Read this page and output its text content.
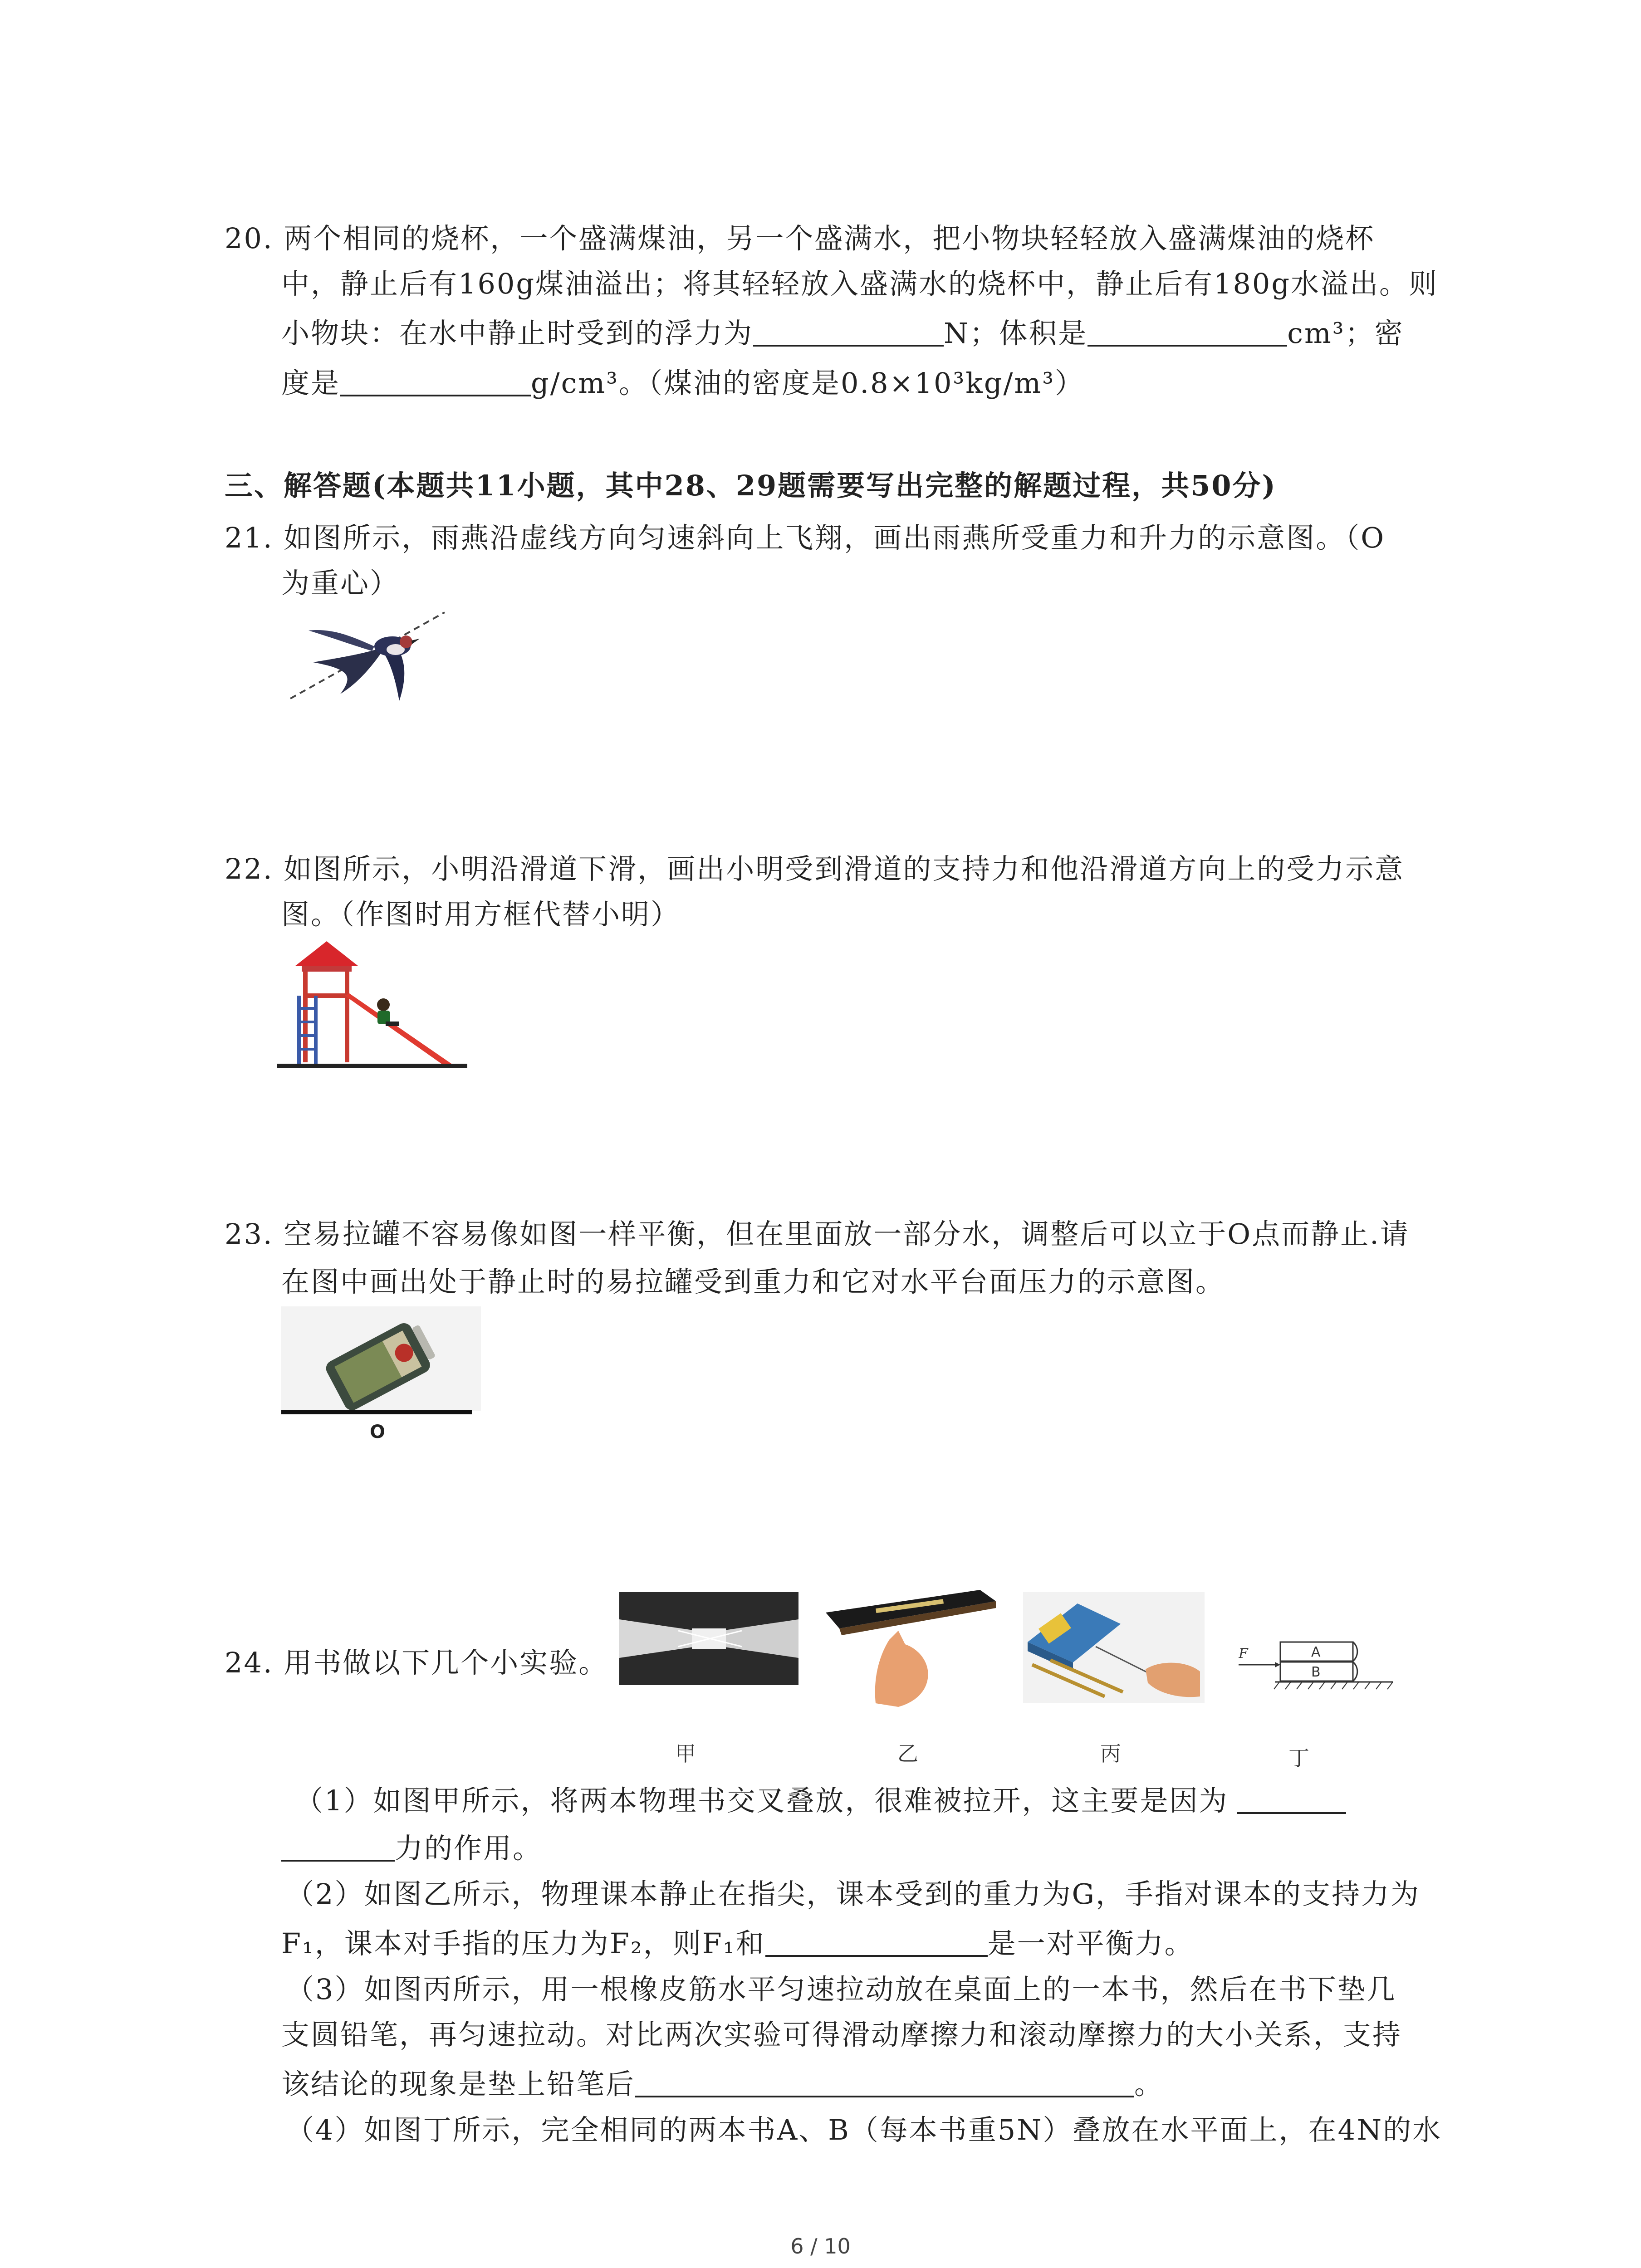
20. 两个相同的烧杯，一个盛满煤油，另一个盛满水，把小物块轻轻放入盛满煤油的烧杯
中，静止后有160g煤油溢出；将其轻轻放入盛满水的烧杯中，静止后有180g水溢出。则
小物块：在水中静止时受到的浮力为	N；体积是	cm³；密
度是	g/cm³。（煤油的密度是0.8×10³kg/m³）
三、解答题(本题共11小题，其中28、29题需要写出完整的解题过程，共50分)
21. 如图所示，雨燕沿虚线方向匀速斜向上飞翔，画出雨燕所受重力和升力的示意图。（O
为重心）
22. 如图所示，小明沿滑道下滑，画出小明受到滑道的支持力和他沿滑道方向上的受力示意
图。（作图时用方框代替小明）
23. 空易拉罐不容易像如图一样平衡，但在里面放一部分水，调整后可以立于O点而静止.请
在图中画出处于静止时的易拉罐受到重力和它对水平台面压力的示意图。
O
24. 用书做以下几个小实验。	F	A
B
甲	乙	丙	丁
（1）如图甲所示，将两本物理书交叉叠放，很难被拉开，这主要是因为
力的作用。
（2）如图乙所示，物理课本静止在指尖，课本受到的重力为G，手指对课本的支持力为
F₁，课本对手指的压力为F₂，则F₁和	是一对平衡力。
（3）如图丙所示，用一根橡皮筋水平匀速拉动放在桌面上的一本书，然后在书下垫几
支圆铅笔，再匀速拉动。对比两次实验可得滑动摩擦力和滚动摩擦力的大小关系，支持
该结论的现象是垫上铅笔后	。
（4）如图丁所示，完全相同的两本书A、B（每本书重5N）叠放在水平面上，在4N的水
6 / 10
